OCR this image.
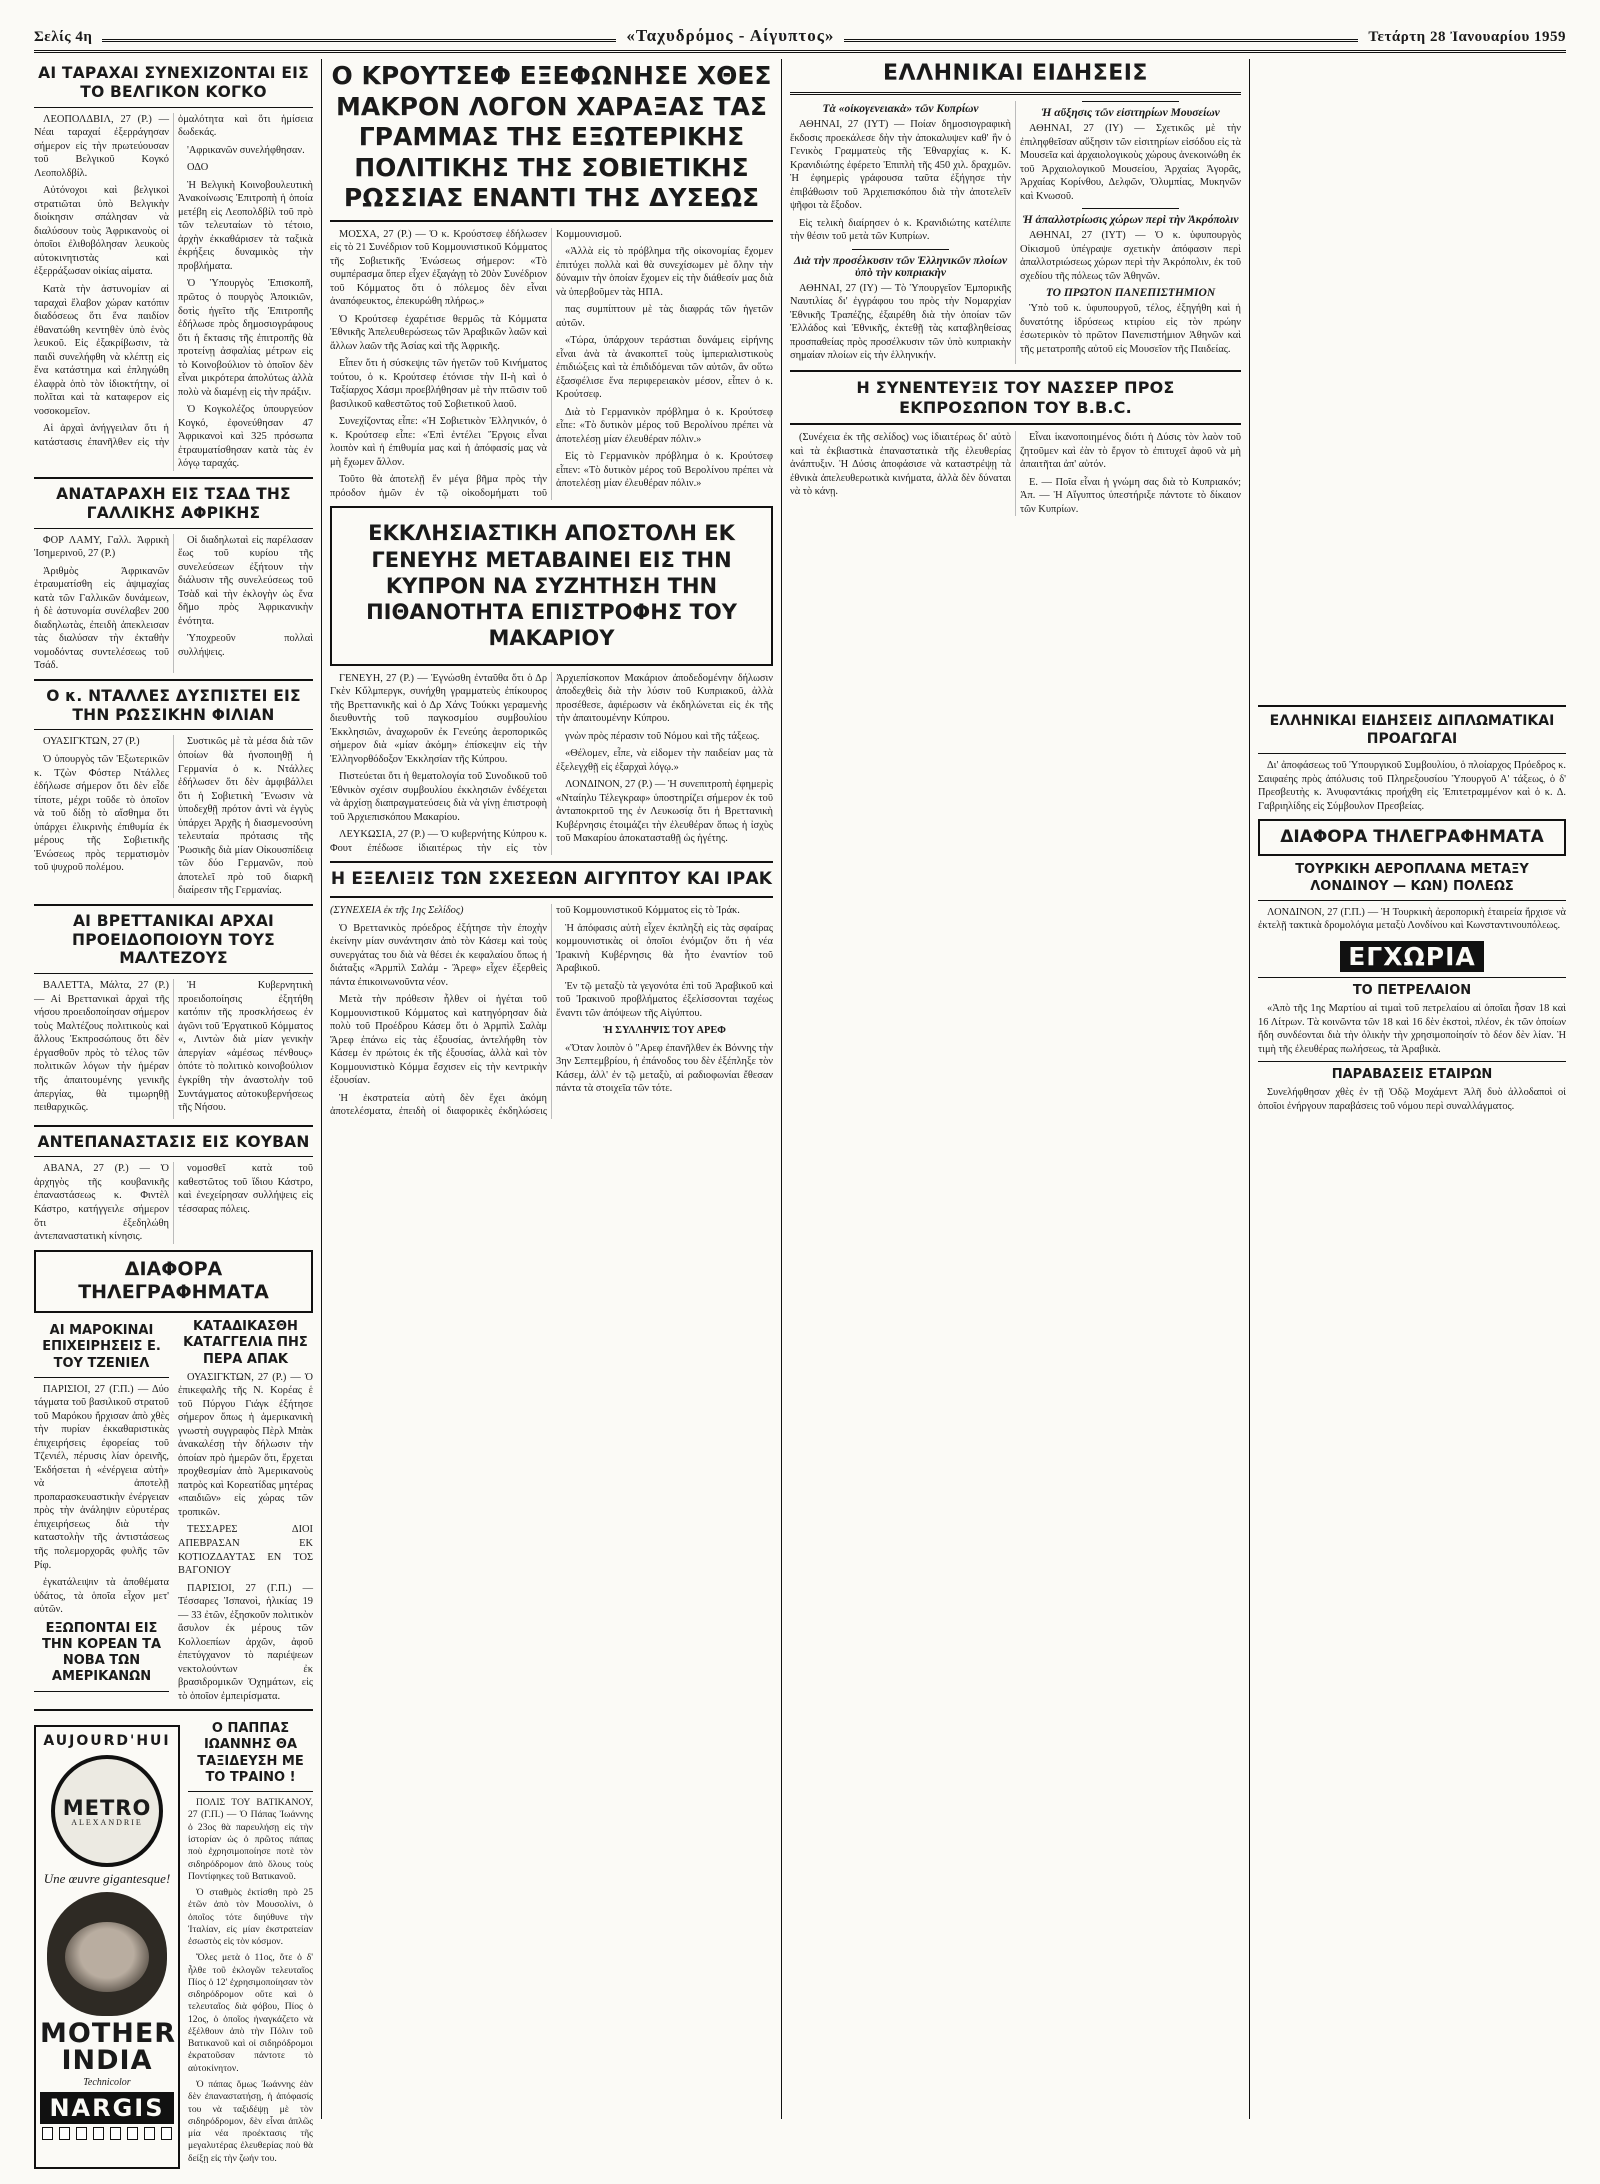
Σελίς 4η	«Ταχυδρόμος - Αίγυπτος»	Τετάρτη 28 Ἰανουαρίου 1959
ΑΙ ΤΑΡΑΧΑΙ ΣΥΝΕΧΙΖΟΝΤΑΙ ΕΙΣ ΤΟ ΒΕΛΓΙΚΟΝ ΚΟΓΚΟ

ΛΕΟΠΟΛΔΒΙΛ, 27 (Ρ.) — Νέαι ταραχαί ἐξερράγησαν σήμερον εἰς τὴν πρωτεύουσαν τοῦ Βελγικοῦ Κογκό Λεοπολδβίλ.

Αὐτόνοχοι καὶ βελγικοὶ στρατιῶται ὑπὸ Βελγικὴν διοίκησιν σπάλησαν νὰ διαλύσουν τοὺς Ἀφρικανοὺς οἱ ὁποῖοι ἐλιθοβόλησαν λευκοὺς αὐτοκινητιστὰς καὶ ἐξερράξωσαν οἰκίας αἱματα.

Κατὰ τὴν ἀστυνομίαν αἱ ταραχαὶ ἔλαβον χώραν κατόπιν διαδόσεως ὅτι ἕνα παιδίον ἐθανατώθη κεντηθὲν ὑπὸ ἑνὸς λευκοῦ. Εἰς ἐξακρίβωσιν, τὰ παιδὶ συνελήφθη νὰ κλέπτῃ εἰς ἕνα κατάστημα καὶ ἐπληγώθη ἐλαφρὰ ὁπὸ τὸν ἰδιοκτήτην, οἱ πολῖται καὶ τὰ καταφερον εἰς νοσοκομεῖον.

Αἱ ἀρχαὶ ἀνήγγειλαν ὅτι ἡ κατάστασις ἐπανῆλθεν εἰς τὴν ὁμαλότητα καὶ ὅτι ἡμίσεια δωδεκάς.

'Αφρικανῶν συνελήφθησαν.

ΟΔΟ

Ἡ Βελγικὴ Κοινοβουλευτικὴ Ἀνακοίνωσις Ἐπιτροπὴ ἡ ὁποία μετέβη εἰς Λεοπολδβίλ τοῦ πρὸ τῶν τελευταίων τὸ τέτοιο, ἀρχὴν ἐκκαθάρισεν τὰ ταξικὰ ἐκρήξεις δυναμικὸς τὴν προβλήματα.

Ὁ Ὑπουργὸς Ἐπισκοπῆ, πρῶτος ὁ πουργὸς Ἀποικιῶν, δοτὶς ἡγεῖτο τῆς Ἐπιτροπῆς ἐδήλωσε πρὸς δημοσιογράφους ὅτι ἡ ἔκτασις τῆς ἐπιτροπῆς θὰ προτείνῃ ἀσφαλίας μέτρων εἰς τὸ Κοινοβούλιον τὸ ὁποῖον δὲν εἶναι μικρότερα ἀπολύτως ἀλλὰ πολὺ νὰ διαμένῃ εἰς τὴν πράξιν.

Ὁ Κογκολέζος ὑπουργεύον Κογκό, ἐφονεύθησαν 47 Ἀφρικανοὶ καὶ 325 πρόσωπα ἐτραυματίσθησαν κατὰ τὰς ἐν λόγῳ ταραχάς.

ΑΝΑΤΑΡΑΧΗ ΕΙΣ ΤΣΑΔ ΤΗΣ ΓΑΛΛΙΚΗΣ ΑΦΡΙΚΗΣ

ΦΟΡ ΛΑΜΥ, Γαλλ. Ἀφρικὴ Ἰσημερινοῦ, 27 (Ρ.)

Ἀριθμὸς Ἀφρικανῶν ἐτραυματίσθη εἰς ἁψιμαχίας κατὰ τῶν Γαλλικῶν δυνάμεων, ἡ δὲ ἀστυνομία συνέλαβεν 200 διαδηλωτὰς, ἐπειδὴ ἀπεκλεισαν τὰς διαλύσαν τὴν ἐκταθὴν νομοδόντας συντελέσεως τοῦ Τσάδ.

Οἱ διαδηλωταὶ εἰς παρέλασαν ἕως τοῦ κυρίου τῆς συνελεύσεων ἐξήτουν τὴν διάλυσιν τῆς συνελεύσεως τοῦ Τσὰδ καὶ τὴν ἐκλογὴν ὡς ἕνα δῆμο πρὸς Ἀφρικανικὴν ἐνότητα.

Ὑποχρεοῦν πολλαὶ συλλήψεις.

Ο κ. ΝΤΑΛΛΕΣ ΔΥΣΠΙΣΤΕΙ ΕΙΣ ΤΗΝ ΡΩΣΣΙΚΗΝ ΦΙΛΙΑΝ

ΟΥΑΣΙΓΚΤΩΝ, 27 (Ρ.)

Ὁ ὑπουργὸς τῶν Ἐξωτερικῶν κ. Τζὼν Φόστερ Ντάλλες ἐδήλωσε σήμερον ὅτι δὲν εἶδε τίποτε, μέχρι τοῦδε τὸ ὁποῖον νὰ τοῦ δίδῃ τὸ αἴσθημα ὅτι ὑπάρχει ἐλικρινὴς ἐπιθυμία ἐκ μέρους τῆς Σοβιετικῆς Ἑνώσεως πρὸς τερματισμὸν τοῦ ψυχροῦ πολέμου.

Συστικῶς μὲ τὰ μέσα διὰ τῶν ὁποίων θὰ ἡνοποιηθῇ ἡ Γερμανία ὁ κ. Ντάλλες ἐδήλωσεν ὅτι δὲν ἀμφιβάλλει ὅτι ἡ Σοβιετικὴ Ἕνωσιν νὰ ὑποδεχθῇ πρότον ἀντὶ νὰ ἐγγὺς ὑπάρχει Ἀρχῆς ἡ διασμενοσύνη τελευταία πρότασις τῆς Ῥωσικῆς διὰ μίαν Οἰκουσπίδειᾳ τῶν δύο Γερμανῶν, ποὺ ἀποτελεῖ πρὸ τοῦ διαρκῆ διαίρεσιν τῆς Γερμανίας.

ΑΙ ΒΡΕΤΤΑΝΙΚΑΙ ΑΡΧΑΙ ΠΡΟΕΙΔΟΠΟΙΟΥΝ ΤΟΥΣ ΜΑΛΤΕΖΟΥΣ

ΒΑΛΕΤΤΑ, Μάλτα, 27 (Ρ.) — Αἱ Βρεττανικαὶ ἀρχαὶ τῆς νήσου προειδοποίησαν σήμερον τοὺς Μαλτέζους πολιτικοὺς καὶ ἄλλους Ἐκπροσώπους ὅτι δὲν ἐργασθοῦν πρὸς τὸ τέλος τῶν πολιτικῶν λόγων τὴν ἡμέραν τῆς ἀπαιτουμένης γενικῆς ἀπεργίας, θὰ τιμωρηθῇ πειθαρχικῶς.

Ἡ Κυβερνητικὴ προειδοποίησις ἐξητήθη κατόπιν τῆς προσκλήσεως ἐν ἀγῶνι τοῦ Ἐργατικοῦ Κόμματος «, Λιντὼν διὰ μίαν γενικὴν ἀπεργίαν «ἀμέσως πένθους» ὁπότε τὸ πολιτικὸ κοινοβούλιον ἐγκρίθη τὴν ἀναστολὴν τοῦ Συντάγματος αὐτοκυβερνήσεως τῆς Νήσου.

ΑΝΤΕΠΑΝΑΣΤΑΣΙΣ ΕΙΣ ΚΟΥΒΑΝ

ΑΒΑΝΑ, 27 (Ρ.) — Ὁ ἀρχηγὸς τῆς κουβανικῆς ἐπαναστάσεως κ. Φιντὲλ Κάστρο, κατήγγειλε σήμερον ὅτι ἐξεδηλώθη ἀντεπαναστατικὴ κίνησις.

νομοσθεῖ κατὰ τοῦ καθεστῶτος τοῦ ἴδιου Κάστρο, καὶ ἐνεχείρησαν συλλήψεις εἰς τέσσαρας πόλεις.

ΔΙΑΦΟΡΑ ΤΗΛΕΓΡΑΦΗΜΑΤΑ
ΑΙ ΜΑΡΟΚΙΝΑΙ ΕΠΙΧΕΙΡΗΣΕΙΣ Ε. ΤΟΥ ΤΖΕΝΙΕΛ

ΠΑΡΙΣΙΟΙ, 27 (Γ.Π.) — Δύο τάγματα τοῦ βασιλικοῦ στρατοῦ τοῦ Μαρόκου ἤρχισαν ἀπὸ χθὲς τὴν πυρίαν ἐκκαθαριστικὰς ἐπιχειρήσεις ἐφορείας τοῦ Τζενιέλ, πέρυσις λίαν ὀρεινῆς, Ἐκδήσεται ἡ «ἐνέργεια αὐτὴ» νὰ ἀποτελῇ προπαρασκευαστικὴν ἐνέργειαν πρὸς τὴν ἀνάληψιν εὐρυτέρας ἐπιχειρήσεως διὰ τὴν καταστολὴν τῆς ἀντιστάσεως τῆς πολεμορχορᾶς φυλῆς τῶν Ρίφ.

ἐγκατάλειψιν τὰ ἀποθέματα ὑδάτος, τὰ ὁποῖα εἶχον μετ' αὐτῶν.

ΕΞΩΠΟΝΤΑΙ ΕΙΣ ΤΗΝ ΚΟΡΕΑΝ ΤΑ ΝΟΒΑ ΤΩΝ ΑΜΕΡΙΚΑΝΩΝ
ΚΑΤΑΔΙΚΑΣΘΗ ΚΑΤΑΓΓΕΛΙΑ ΠΗΣ ΠΕΡΑ ΑΠΑΚ

ΟΥΑΣΙΓΚΤΩΝ, 27 (Ρ.) — Ὁ ἐπικεφαλῆς τῆς Ν. Κορέας ἑ τοῦ Πύργου Γιάγκ ἐξήτησε σήμερον ὅπως ἡ ἀμερικανικὴ γνωστὴ συγγραφὸς Πὲρλ Μπὰκ ἀνακαλέσῃ τὴν δήλωσιν τὴν ὁποίαν πρὸ ἡμερῶν ὅτι, ἔρχεται προχθεσμίαν ἀπὸ Ἀμερικανοὺς πατρὸς καὶ Κορεατίδας μητέρας «παιδιῶν» εἰς χώρας τῶν τροπικῶν.

ΤΕΣΣΑΡΕΣ ΔΙΟΙ ΑΠΕΒΡΑΣΑΝ ΕΚ ΚΟΤΙΟΖΔΑΥΤΑΣ ΕΝ ΤΟΣ ΒΑΓΟΝΙΟΥ

ΠΑΡΙΣΙΟΙ, 27 (Γ.Π.) — Τέσσαρες Ἱσπανοὶ, ἡλικίας 19 — 33 ἐτῶν, ἐξησκοῦν πολιτικὸν ἄσυλον ἐκ μέρους τῶν Κολλοεπίων ἀρχῶν, ἀφοῦ ἐπετύγχανον τὸ παριέψεων νεκτολούντων ἐκ βρασιδρομικῶν Ὀχημάτων, εἰς τὸ ὁποῖον ἐμπειρίσματα.

AUJOURD'HUI
METRO
ALEXANDRIE
Une œuvre gigantesque!
MOTHER
INDIA
Technicolor
NARGIS
Ο ΠΑΠΠΑΣ ΙΩΑΝΝΗΣ ΘΑ ΤΑΞΙΔΕΥΣΗ ΜΕ ΤΟ ΤΡΑΙΝΟ !

ΠΟΛΙΣ ΤΟΥ ΒΑΤΙΚΑΝΟΥ, 27 (Γ.Π.) — Ὁ Πάπας Ἰωάννης ὁ 23ος θὰ παρευλήσῃ εἰς τὴν ἱστορίαν ὡς ὁ πρῶτος πάπας ποὺ ἐχρησιμοποίησε ποτὲ τὸν σιδηρόδρομον ἀπὸ ὅλους τοὺς Ποντίφηκες τοῦ Βατικανοῦ.

Ὁ σταθμὸς ἐκτίσθη πρὸ 25 ἐτῶν ἀπὸ τὸν Μουσολίνι, ὁ ὁποῖος τότε διηύθυνε τὴν Ἰταλίαν, εἰς μίαν ἐκστρατείαν ἐσωστὸς εἰς τὸν κόσμον.

Ὅλες μετὰ ὁ 11ος, ὅτε ὁ δ' ἦλθε τοῦ ἐκλογῶν τελευταῖος Πίος ὁ 12' ἐχρησιμοποίησαν τὸν σιδηρόδρομον οὔτε καὶ ὁ τελευταῖος διὰ φόβου, Πίος ὁ 12ος, ὁ ὁποῖος ἠναγκάζετο νὰ ἐξέλθουν ἀπὸ τὴν Πόλιν τοῦ Βατικανοῦ καὶ οἱ σιδηρόδρομοι ἐκρατοῦσαν πάντοτε τὸ αὐτοκίνητον.

Ὁ πάπας ὅμως Ἰωάννης ἐὰν δὲν ἐπαναστατήσῃ, ἡ ἀπόφασίς του νὰ ταξιδέψῃ μὲ τὸν σιδηρόδρομον, δὲν εἶναι ἀπλῶς μία νέα προέκτασις τῆς μεγαλυτέρας ἐλευθερίας ποὺ θὰ δείξῃ εἰς τὴν ζωήν του.

Ο ΚΡΟΥΤΣΕΦ ΕΞΕΦΩΝΗΣΕ ΧΘΕΣ ΜΑΚΡΟΝ ΛΟΓΟΝ ΧΑΡΑΞΑΣ ΤΑΣ ΓΡΑΜΜΑΣ ΤΗΣ ΕΞΩΤΕΡΙΚΗΣ ΠΟΛΙΤΙΚΗΣ ΤΗΣ ΣΟΒΙΕΤΙΚΗΣ ΡΩΣΣΙΑΣ ΕΝΑΝΤΙ ΤΗΣ ΔΥΣΕΩΣ

ΜΟΣΧΑ, 27 (Ρ.) — Ὁ κ. Κρούστσεφ ἐδήλωσεν εἰς τὸ 21 Συνέδριον τοῦ Κομμουνιστικοῦ Κόμματος τῆς Σοβιετικῆς Ἑνώσεως σήμερον: «Τὸ συμπέρασμα ὅπερ εἶχεν ἐξαγάγῃ τὸ 20ὸν Συνέδριον τοῦ Κόμματος ὅτι ὁ πόλεμος δὲν εἶναι ἀναπόφευκτος, ἐπεκυρώθη πλήρως.»

Ὁ Κρούτσεφ ἐχαρέτισε θερμῶς τὰ Κόμματα Ἐθνικῆς Ἀπελευθερώσεως τῶν Ἀραβικῶν λαῶν καὶ ἄλλων λαῶν τῆς Ἀσίας καὶ τῆς Ἀφρικῆς.

Εἶπεν ὅτι ἡ σύσκεψις τῶν ἡγετῶν τοῦ Κινήματος τούτου, ὁ κ. Κρούτσεφ ἐτόνισε τὴν ΙΙ-ὴ καὶ ὁ Ταξίαρχος Χάσμι προεβλήθησαν μὲ τὴν πτῶσιν τοῦ βασιλικοῦ καθεστῶτος τοῦ Σοβιετικοῦ λαοῦ.

Συνεχίζοντας εἶπε: «Ἡ Σοβιετικὸν Ἑλληνικόν, ὁ κ. Κρούτσεφ εἶπε: «Ἐπὶ ἐντέλει Ἔργοις εἶναι λοιπὸν καὶ ἡ ἐπιθυμία μας καὶ ἡ ἀπόφασίς μας νὰ μὴ ἔχωμεν ἄλλον.

Τοῦτο θὰ ἀποτελῇ ἕν μέγα βῆμα πρὸς τὴν πρόοδον ἡμῶν ἐν τῷ οἰκοδομήματι τοῦ Κομμουνισμοῦ.

«Ἀλλὰ εἰς τὸ πρόβλημα τῆς οἰκονομίας ἔχομεν ἐπιτύχει πολλὰ καὶ θὰ συνεχίσωμεν μὲ ὅλην τὴν δύναμιν τὴν ὁποίαν ἔχομεν εἰς τὴν διάθεσίν μας διὰ νὰ ὑπερβοῦμεν τὰς ΗΠΑ.

πας συμπίπτουν μὲ τὰς διαφράς τῶν ἡγετῶν αὐτῶν.

«Τώρα, ὑπάρχουν τεράστιαι δυνάμεις εἰρήνης εἶναι ἀνὰ τὰ ἀνακοπτεῖ τοὺς ἱμπεριαλιστικοὺς ἐπιδιώξεις καὶ τὰ ἐπιδιδόμεναι τῶν αὐτῶν, ἂν οὕτω ἐξασφέλισε ἕνα περιφερειακὸν μέσον, εἶπεν ὁ κ. Κρούτσεφ.

Διὰ τὸ Γερμανικὸν πρόβλημα ὁ κ. Κρούτσεφ εἶπε: «Τὸ δυτικὸν μέρος τοῦ Βερολίνου πρέπει νὰ ἀποτελέσῃ μίαν ἐλευθέραν πόλιν.»

Εἰς τὸ Γερμανικὸν πρόβλημα ὁ κ. Κρούτσεφ εἶπεν: «Τὸ δυτικὸν μέρος τοῦ Βερολίνου πρέπει νὰ ἀποτελέσῃ μίαν ἐλευθέραν πόλιν.»

ΕΚΚΛΗΣΙΑΣΤΙΚΗ ΑΠΟΣΤΟΛΗ ΕΚ ΓΕΝΕΥΗΣ ΜΕΤΑΒΑΙΝΕΙ ΕΙΣ ΤΗΝ ΚΥΠΡΟΝ ΝΑ ΣΥΖΗΤΗΣΗ ΤΗΝ ΠΙΘΑΝΟΤΗΤΑ ΕΠΙΣΤΡΟΦΗΣ ΤΟΥ ΜΑΚΑΡΙΟΥ

ΓΕΝΕΥΗ, 27 (Ρ.) — Ἐγνώσθη ἐνταῦθα ὅτι ὁ Δρ Γκὲν Κὔλμπεργκ, συνήχθη γραμματεὺς ἐπίκουρος τῆς Βρεττανικῆς καὶ ὁ Δρ Χάνς Τούκκι γεραμενὴς διευθυντὴς τοῦ παγκοσμίου συμβουλίου Ἐκκλησιῶν, ἀναχωροῦν ἐκ Γενεύης ἀεροπορικῶς σήμερον διὰ «μίαν ἀκόμη» ἐπίσκεψιν εἰς τὴν Ἑλληνορθόδοξον Ἐκκλησίαν τῆς Κύπρου.

Πιστεύεται ὅτι ἡ θεματολογία τοῦ Συνοδικοῦ τοῦ Ἐθνικὸν σχέσιν συμβουλίου ἐκκλησιῶν ἐνδέχεται νὰ ἀρχίσῃ διαπραγματεύσεις διὰ νὰ γίνῃ ἐπιστροφὴ τοῦ Ἀρχιεπισκόπου Μακαρίου.

ΛΕΥΚΩΣΙΑ, 27 (Ρ.) — Ὁ κυβερνήτης Κύπρου κ. Φουτ ἐπέδωσε ἰδιαιτέρως τὴν εἰς τὸν Ἀρχιεπίσκοπον Μακάριον ἀποδεδομένην δήλωσιν ἀποδεχθεὶς διὰ τὴν λύσιν τοῦ Κυπριακοῦ, ἀλλὰ προσέθεσε, ἀφιέρωσιν νὰ ἐκδηλώνεται εἰς ἐκ τῆς τὴν ἀπαιτουμένην Κύπρου.

γνὼν πρὸς πέρασιν τοῦ Νόμου καὶ τῆς τάξεως.

«Θέλομεν, εἶπε, νὰ εἰδομεν τὴν παιδείαν μας τὰ ἐξελεγχθῇ εἰς ἐξαρχαὶ λόγῳ.»

ΛΟΝΔΙΝΟΝ, 27 (Ρ.) — Ἡ συνεπιτροπὴ ἐφημερὶς «Νταίηλυ Τέλεγκραφ» ὑποστηρίζει σήμερον ἐκ τοῦ ἀνταποκριτοῦ της ἐν Λευκωσίᾳ ὅτι ἡ Βρεττανικὴ Κυβέρνησις ἐτοιμάζει τὴν ἐλευθέραν ὅπως ἡ ἰσχὺς τοῦ Μακαρίου ἀποκατασταθῇ ὡς ἡγέτης.

Η ΕΞΕΛΙΞΙΣ ΤΩΝ ΣΧΕΣΕΩΝ ΑΙΓΥΠΤΟΥ ΚΑΙ ΙΡΑΚ

(ΣΥΝΕΧΕΙΑ ἐκ τῆς 1ης Σελίδος)

Ὁ Βρεττανικὸς πρόεδρος ἐξήτησε τὴν ἐποχὴν ἐκείνην μίαν συνάντησιν ἀπὸ τὸν Κάσεμ καὶ τοὺς συνεργάτας του διὰ νὰ θέσει ἐκ κεφαλαίου ὅπως ἡ διάταξις «Ἀρμπὶλ Σαλάμ - Ἄρεφ» εἶχεν ἐξερθεὶς πάντα ἐπικοινωνοῦντα νέον.

Μετὰ τὴν πρόθεσιν ἦλθεν οἱ ἡγέται τοῦ Κομμουνιστικοῦ Κόμματος καὶ κατηγόρησαν διὰ πολὺ τοῦ Προέδρου Κάσεμ ὅτι ὁ Ἀρμπὶλ Σαλὰμ Ἄρεφ ἐπάνω εἰς τὰς ἐξουσίας, ἀντελήφθη τὸν Κάσεμ ἐν πρώτοις ἐκ τῆς ἐξουσίας, ἀλλὰ καὶ τὸν Κομμουνιστικὸ Κόμμα ἔσχισεν εἰς τὴν κεντρικὴν ἐξουσίαν.

Ἡ ἐκστρατεία αὐτὴ δὲν ἔχει ἀκόμη ἀποτελέσματα, ἐπειδὴ οἱ διαφορικὲς ἐκδηλώσεις τοῦ Κομμουνιστικοῦ Κόμματος εἰς τὸ Ἰράκ.

Ἡ ἀπόφασις αὐτὴ εἶχεν ἐκπληξὴ εἰς τὰς σφαίρας κομμουνιστικὰς οἱ ὁποῖοι ἐνόμιζον ὅτι ἡ νέα Ἰρακινὴ Κυβέρνησις θὰ ἦτο ἐναντίον τοῦ Ἀραβικοῦ.

Ἐν τῷ μεταξὺ τὰ γεγονότα ἐπὶ τοῦ Ἀραβικοῦ καὶ τοῦ Ἰρακινοῦ προβλήματος ἐξελίσσονται ταχέως ἔναντι τῶν ἀπόψεων τῆς Αἰγύπτου.

Ἡ ΣΥΛΛΗΨΙΣ ΤΟΥ ΑΡΕΦ

«Ὅταν λοιπὸν ὁ "Αρεφ ἐπανῆλθεν ἐκ Βόννης τὴν 3ην Σεπτεμβρίου, ἡ ἐπάνοδος του δὲν ἐξέπληξε τὸν Κάσεμ, ἀλλ' ἐν τῷ μεταξὺ, αἱ ραδιοφωνίαι ἔθεσαν πάντα τὰ στοιχεῖα τῶν τότε.

ΕΛΛΗΝΙΚΑΙ ΕΙΔΗΣΕΙΣ
Τὰ «οἰκογενειακὰ» τῶν Κυπρίων

ΑΘΗΝΑΙ, 27 (ΙΥΤ) — Ποίαν δημοσιογραφικὴ ἔκδοσις προεκάλεσε δὴν τὴν ἀποκαλυψεν καθ' ἣν ὁ Γενικὸς Γραμματεὺς τῆς Ἐθναρχίας κ. Κ. Κρανιδιώτης ἐφέρετο Ἐπιπλὴ τῆς 450 χιλ. δραχμῶν. Ἡ ἐφημερὶς γράφουσα ταῦτα ἐξήγησε τὴν ἐπιβάθωσιν τοῦ Ἀρχιεπισκόπου διὰ τὴν ἀποτελεῖν ψῆφοι τὰ ἔξοδον.

Εἰς τελικὴ διαίρησεν ὁ κ. Κρανιδιώτης κατέλιπε τὴν θέσιν τοῦ μετὰ τῶν Κυπρίων.

Διὰ τὴν προσέλκυσιν τῶν Ἑλληνικῶν πλοίων ὑπὸ τὴν κυπριακὴν

ΑΘΗΝΑΙ, 27 (ΙΥ) — Τὸ Ὑπουργεῖον Ἐμπορικῆς Ναυτιλίας δι' ἐγγράφου του πρὸς τὴν Νομαρχίαν Ἐθνικῆς Τραπέζης, ἐξαιρέθη διὰ τὴν ὁποίαν τῶν Ἑλλάδος καὶ Ἐθνικῆς, ἐκτεθῇ τὰς καταβληθείσας προσπαθείας πρὸς προσέλκυσιν τῶν ὑπὸ κυπριακὴν σημαίαν πλοίων εἰς τὴν ἑλληνικήν.

Ἡ αὔξησις τῶν εἰσιτηρίων Μουσείων

ΑΘΗΝΑΙ, 27 (ΙΥ) — Σχετικῶς μὲ τὴν ἐπιληφθεῖσαν αὔξησιν τῶν εἰσιτηρίων εἰσόδου εἰς τὰ Μουσεῖα καὶ ἀρχαιολογικοὺς χώρους ἀνεκοινώθη ἐκ τοῦ Ἀρχαιολογικοῦ Μουσείου, Ἀρχαίας Ἀγορᾶς, Ἀρχαίας Κορίνθου, Δελφῶν, Ὀλυμπίας, Μυκηνῶν καὶ Κνωσοῦ.

Ἡ ἀπαλλοτρίωσις χώρων περὶ τὴν Ἀκρόπολιν

ΑΘΗΝΑΙ, 27 (ΙΥΤ) — Ὁ κ. ὑφυπουργὸς Οἰκισμοῦ ὑπέγραψε σχετικὴν ἀπόφασιν περὶ ἀπαλλοτριώσεως χώρων περὶ τὴν Ἀκρόπολιν, ἐκ τοῦ σχεδίου τῆς πόλεως τῶν Ἀθηνῶν.

ΤΟ ΠΡΩΤΟΝ ΠΑΝΕΠΙΣΤΗΜΙΟΝ

Ὑπὸ τοῦ κ. ὑφυπουργοῦ, τέλος, ἐξηγήθη καὶ ἡ δυνατότης ἱδρύσεως κτιρίου εἰς τὸν πρώην ἐσωτερικὸν τὸ πρῶτον Πανεπιστήμιον Ἀθηνῶν καὶ τῆς μετατροπῆς αὐτοῦ εἰς Μουσεῖον τῆς Παιδείας.

Η ΣΥΝΕΝΤΕΥΞΙΣ ΤΟΥ ΝΑΣΣΕΡ ΠΡΟΣ ΕΚΠΡΟΣΩΠΟΝ ΤΟΥ B.B.C.

(Συνέχεια ἐκ τῆς σελίδος) νως ἰδιαιτέρως δι' αὐτὸ καὶ τὰ ἐκβιαστικὰ ἐπαναστατικὰ τῆς ἐλευθερίας ἀνάπτυξιν. Ἡ Δύσις ἀποφάσισε νὰ καταστρέψῃ τὰ ἐθνικὰ ἀπελευθερωτικὰ κινήματα, ἀλλὰ δὲν δύναται νὰ τὸ κάνῃ.

Εἶναι ἱκανοποιημένος διότι ἡ Δύσις τὸν λαὸν τοῦ ζητοῦμεν καὶ ἐὰν τὸ ἔργον τὸ ἐπιτυχεῖ ἀφοῦ νὰ μὴ ἀπαιτῆται ἀπ' αὐτόν.

Ε. — Ποῖα εἶναι ἡ γνώμη σας διὰ τὸ Κυπριακόν; Ἀπ. — Ἡ Αἴγυπτος ὑπεστήριξε πάντοτε τὸ δίκαιον τῶν Κυπρίων.

ΕΛΛΗΝΙΚΑΙ ΕΙΔΗΣΕΙΣ ΔΙΠΛΩΜΑΤΙΚΑΙ ΠΡΟΑΓΩΓΑΙ

Δι' ἀποφάσεως τοῦ Ὑπουργικοῦ Συμβουλίου, ὁ πλοίαρχος Πρόεδρος κ. Σαιφαέης πρὸς ἀπόλυσις τοῦ Πληρεξουσίου Ὑπουργοῦ Α' τάξεως, ὁ δ' Πρεσβευτὴς κ. Ἀνυφαντάκις προήχθη εἰς Ἐπιτετραμμένον καὶ ὁ κ. Δ. Γαβριηλίδης εἰς Σύμβουλον Πρεσβείας.

ΔΙΑΦΟΡΑ ΤΗΛΕΓΡΑΦΗΜΑΤΑ
ΤΟΥΡΚΙΚΗ ΑΕΡΟΠΛΑΝΑ ΜΕΤΑΞΥ ΛΟΝΔΙΝΟΥ — ΚΩΝ) ΠΟΛΕΩΣ

ΛΟΝΔΙΝΟΝ, 27 (Γ.Π.) — Ἡ Τουρκικὴ ἀεροπορικὴ ἑταιρεία ἤρχισε νὰ ἐκτελῇ τακτικὰ δρομολόγια μεταξὺ Λονδίνου καὶ Κωνσταντινουπόλεως.

ΕΓΧΩΡΙΑ
ΤΟ ΠΕΤΡΕΛΑΙΟΝ

«Ἀπὸ τῆς 1ης Μαρτίου αἱ τιμαὶ τοῦ πετρελαίου αἱ ὁποῖαι ἦσαν 18 καὶ 16 Λίτρων. Τὰ κοινῶντα τῶν 18 καὶ 16 δὲν ἐκστοὶ, πλέον, ἐκ τῶν ὁποίων ἤδη συνδέονται διὰ τὴν ὁλικὴν τὴν χρησιμοποίησίν τὸ δέον δὲν λίαν. Ἡ τιμὴ τῆς ἐλευθέρας πωλήσεως, τὰ Ἀραβικὰ.

ΠΑΡΑΒΑΣΕΙΣ ΕΤΑΙΡΩΝ

Συνελήφθησαν χθὲς ἐν τῇ Ὁδῷ Μοχάμεντ Ἀλῆ δυὸ ἀλλοδαποὶ οἱ ὁποῖοι ἐνήργουν παραβάσεις τοῦ νόμου περὶ συναλλάγματος.
